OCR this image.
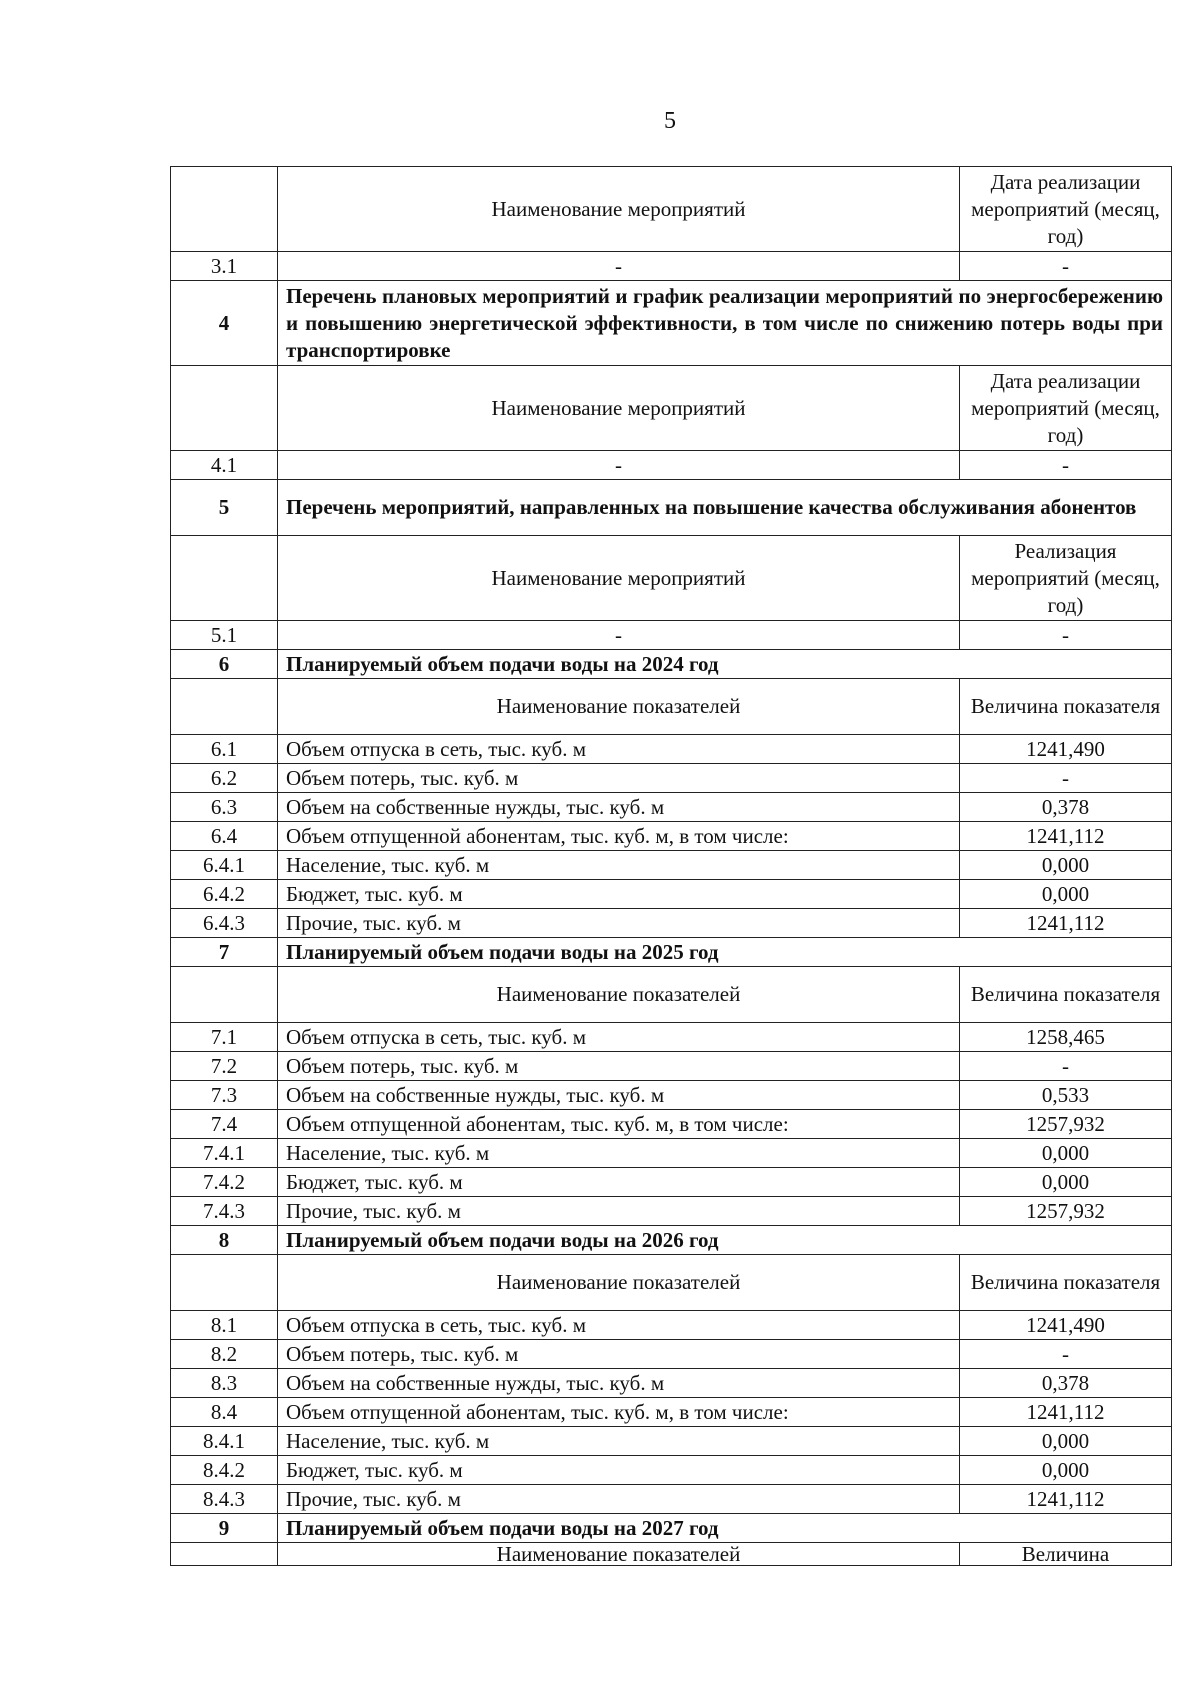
5
	Наименование мероприятий	Дата реализации мероприятий (месяц, год)
3.1	-	-
4	Перечень плановых мероприятий и график реализации мероприятий по энергосбережению и повышению энергетической эффективности, в том числе по снижению потерь воды при транспортировке	
	Наименование мероприятий	Дата реализации мероприятий (месяц, год)
4.1	-	-
5	Перечень мероприятий, направленных на повышение качества обслуживания абонентов	
	Наименование мероприятий	Реализация мероприятий (месяц, год)
5.1	-	-
6	Планируемый объем подачи воды на 2024 год	
	Наименование показателей	Величина показателя
6.1	Объем отпуска в сеть, тыс. куб. м	1241,490
6.2	Объем потерь, тыс. куб. м	-
6.3	Объем на собственные нужды, тыс. куб. м	0,378
6.4	Объем отпущенной абонентам, тыс. куб. м, в том числе:	1241,112
6.4.1	Население, тыс. куб. м	0,000
6.4.2	Бюджет, тыс. куб. м	0,000
6.4.3	Прочие, тыс. куб. м	1241,112
7	Планируемый объем подачи воды на 2025 год	
	Наименование показателей	Величина показателя
7.1	Объем отпуска в сеть, тыс. куб. м	1258,465
7.2	Объем потерь, тыс. куб. м	-
7.3	Объем на собственные нужды, тыс. куб. м	0,533
7.4	Объем отпущенной абонентам, тыс. куб. м, в том числе:	1257,932
7.4.1	Население, тыс. куб. м	0,000
7.4.2	Бюджет, тыс. куб. м	0,000
7.4.3	Прочие, тыс. куб. м	1257,932
8	Планируемый объем подачи воды на 2026 год	
	Наименование показателей	Величина показателя
8.1	Объем отпуска в сеть, тыс. куб. м	1241,490
8.2	Объем потерь, тыс. куб. м	-
8.3	Объем на собственные нужды, тыс. куб. м	0,378
8.4	Объем отпущенной абонентам, тыс. куб. м, в том числе:	1241,112
8.4.1	Население, тыс. куб. м	0,000
8.4.2	Бюджет, тыс. куб. м	0,000
8.4.3	Прочие, тыс. куб. м	1241,112
9	Планируемый объем подачи воды на 2027 год	
	Наименование показателей	Величина
